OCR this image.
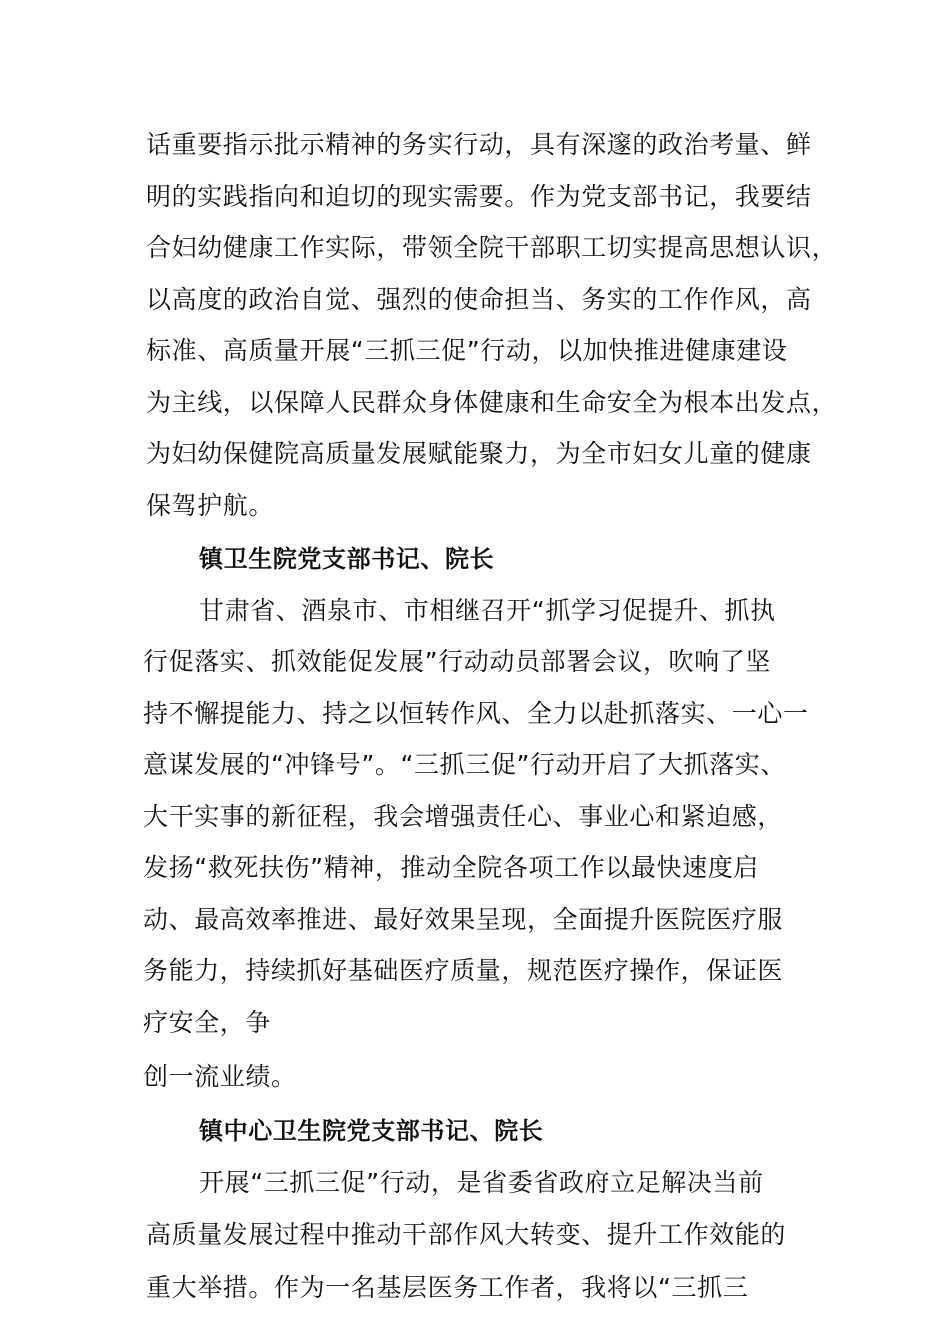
话重要指示批示精神的务实行动，具有深邃的政治考量、鲜
明的实践指向和迫切的现实需要。作为党支部书记，我要结
合妇幼健康工作实际，带领全院干部职工切实提高思想认识，
以高度的政治自觉、强烈的使命担当、务实的工作作风，高
标准、高质量开展“三抓三促”行动，以加快推进健康建设
为主线，以保障人民群众身体健康和生命安全为根本出发点，
为妇幼保健院高质量发展赋能聚力，为全市妇女儿童的健康
保驾护航。
镇卫生院党支部书记、院长
甘肃省、酒泉市、市相继召开“抓学习促提升、抓执
行促落实、抓效能促发展”行动动员部署会议，吹响了坚
持不懈提能力、持之以恒转作风、全力以赴抓落实、一心一
意谋发展的“冲锋号”。“三抓三促”行动开启了大抓落实、
大干实事的新征程，我会增强责任心、事业心和紧迫感，
发扬“救死扶伤”精神，推动全院各项工作以最快速度启
动、最高效率推进、最好效果呈现，全面提升医院医疗服
务能力，持续抓好基础医疗质量，规范医疗操作，保证医
疗安全，争
创一流业绩。
镇中心卫生院党支部书记、院长
开展“三抓三促”行动，是省委省政府立足解决当前
高质量发展过程中推动干部作风大转变、提升工作效能的
重大举措。作为一名基层医务工作者，我将以“三抓三
